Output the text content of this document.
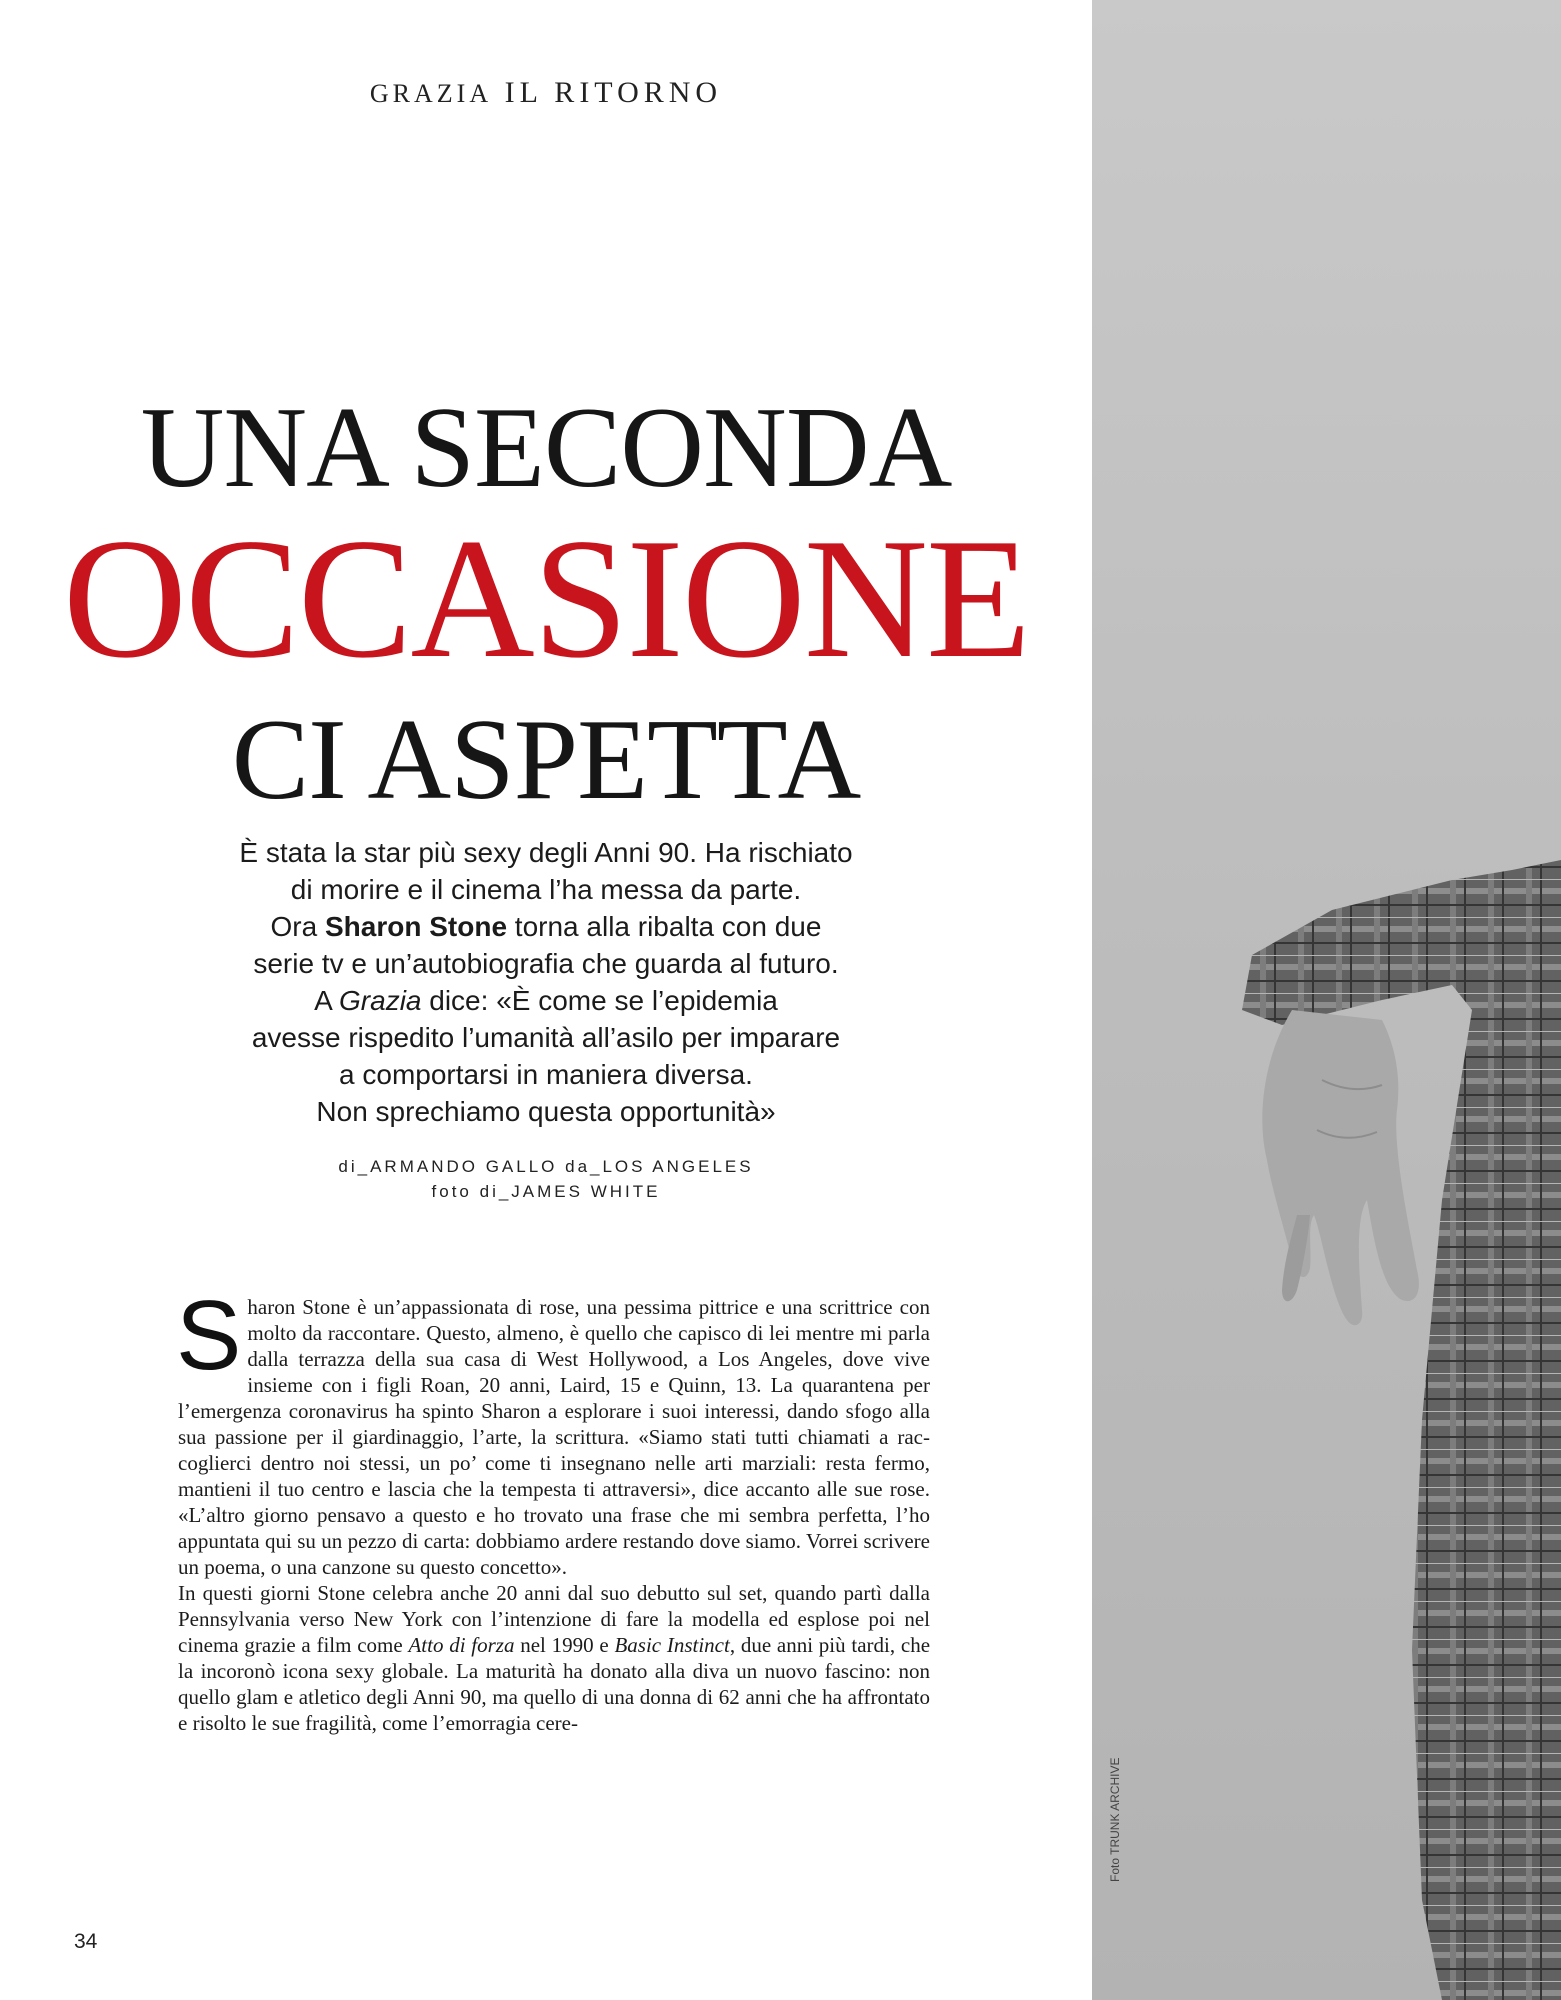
Foto TRUNK ARCHIVE
GRAZIA IL RITORNO
UNA SECONDA
OCCASIONE
CI ASPETTA
È stata la star più sexy degli Anni 90. Ha rischiato
di morire e il cinema l’ha messa da parte.
Ora Sharon Stone torna alla ribalta con due
serie tv e un’autobiografia che guarda al futuro.
A Grazia dice: «È come se l’epidemia
avesse rispedito l’umanità all’asilo per imparare
a comportarsi in maniera diversa.
Non sprechiamo questa opportunità»
di_ARMANDO GALLO da_LOS ANGELES
foto di_JAMES WHITE

Sharon Stone è un’appassionata di rose, una pessima pittrice e una scrittrice con molto da raccontare. Questo, almeno, è quello che capisco di lei mentre mi parla dalla terrazza della sua casa di West Hollywood, a Los Angeles, dove vive insieme con i figli Roan, 20 anni, Laird, 15 e Quinn, 13. La quarantena per l’emergenza coronavirus ha spinto Sharon a esplorare i suoi interessi, dando sfogo alla sua passione per il giardinaggio, l’arte, la scrittura. «Siamo stati tutti chiamati a rac-coglierci dentro noi stessi, un po’ come ti insegnano nelle arti marziali: resta fermo, mantieni il tuo centro e lascia che la tempesta ti attraversi», dice accanto alle sue rose. «L’altro giorno pensavo a questo e ho trovato una frase che mi sembra perfetta, l’ho appuntata qui su un pezzo di carta: dobbiamo ardere restando dove siamo. Vorrei scrivere un poema, o una canzone su questo concetto».

In questi giorni Stone celebra anche 20 anni dal suo debutto sul set, quando partì dalla Pennsylvania verso New York con l’intenzione di fare la modella ed esplose poi nel cinema grazie a film come Atto di forza nel 1990 e Basic Instinct, due anni più tardi, che la incoronò icona sexy globale. La maturità ha donato alla diva un nuovo fascino: non quello glam e atletico degli Anni 90, ma quello di una donna di 62 anni che ha affrontato e risolto le sue fragilità, come l’emorragia cere-

34
